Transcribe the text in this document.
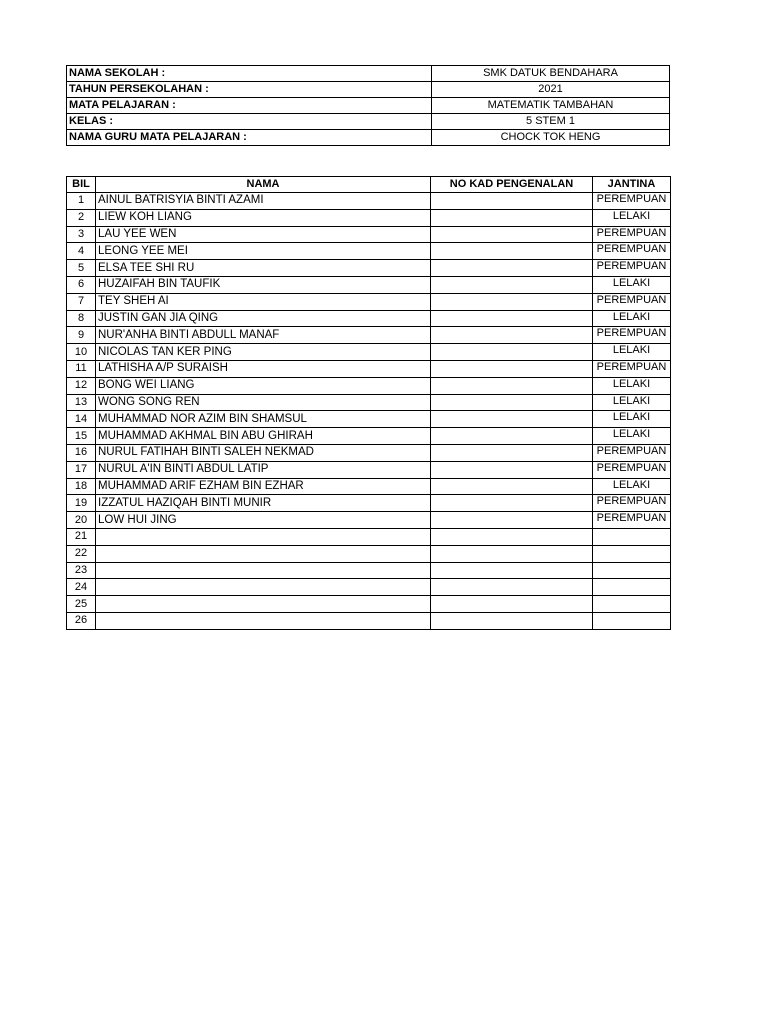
NAMA SEKOLAH :	SMK DATUK BENDAHARA
TAHUN PERSEKOLAHAN :	2021
MATA PELAJARAN :	MATEMATIK TAMBAHAN
KELAS :	5 STEM 1
NAMA GURU MATA PELAJARAN :	CHOCK TOK HENG
BIL	NAMA	NO KAD PENGENALAN	JANTINA
1	AINUL BATRISYIA BINTI AZAMI		PEREMPUAN
2	LIEW KOH LIANG		LELAKI
3	LAU YEE WEN		PEREMPUAN
4	LEONG YEE MEI		PEREMPUAN
5	ELSA TEE SHI RU		PEREMPUAN
6	HUZAIFAH BIN TAUFIK		LELAKI
7	TEY SHEH AI		PEREMPUAN
8	JUSTIN GAN JIA QING		LELAKI
9	NUR'ANHA BINTI ABDULL MANAF		PEREMPUAN
10	NICOLAS TAN KER PING		LELAKI
11	LATHISHA A/P SURAISH		PEREMPUAN
12	BONG WEI LIANG		LELAKI
13	WONG SONG REN		LELAKI
14	MUHAMMAD NOR AZIM BIN SHAMSUL		LELAKI
15	MUHAMMAD AKHMAL BIN ABU GHIRAH		LELAKI
16	NURUL FATIHAH BINTI SALEH NEKMAD		PEREMPUAN
17	NURUL A'IN BINTI ABDUL LATIP		PEREMPUAN
18	MUHAMMAD ARIF EZHAM BIN EZHAR		LELAKI
19	IZZATUL HAZIQAH BINTI MUNIR		PEREMPUAN
20	LOW HUI JING		PEREMPUAN
21			
22			
23			
24			
25			
26			
